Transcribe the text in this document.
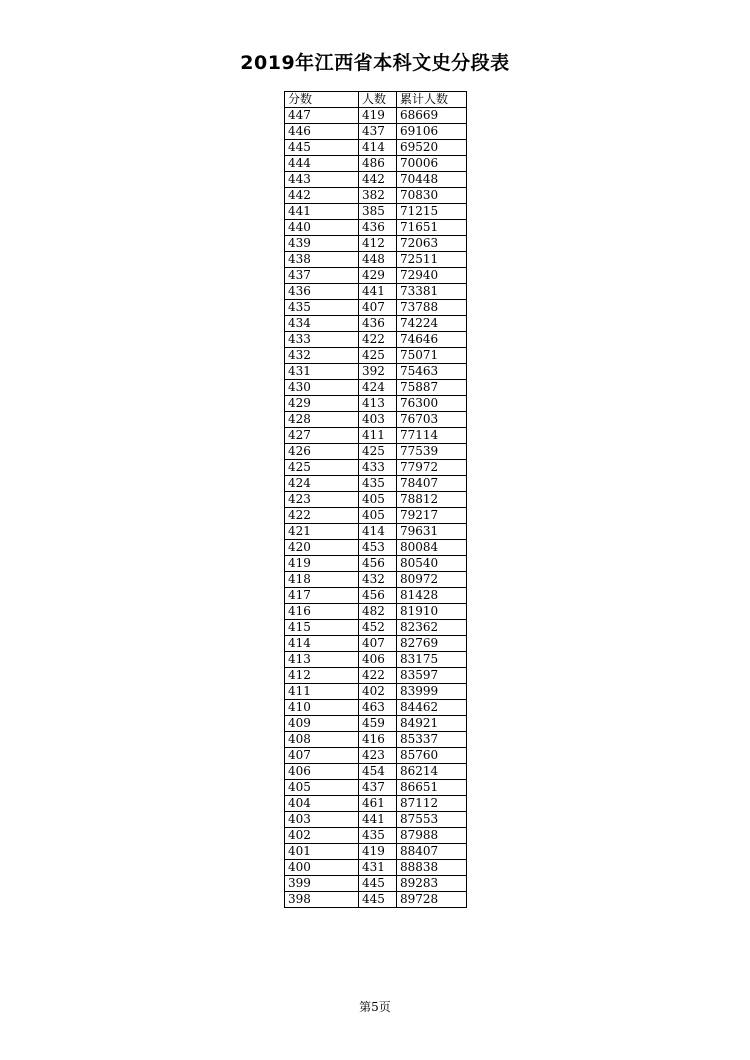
2019年江西省本科文史分段表
分数	人数	累计人数
447	419	68669
446	437	69106
445	414	69520
444	486	70006
443	442	70448
442	382	70830
441	385	71215
440	436	71651
439	412	72063
438	448	72511
437	429	72940
436	441	73381
435	407	73788
434	436	74224
433	422	74646
432	425	75071
431	392	75463
430	424	75887
429	413	76300
428	403	76703
427	411	77114
426	425	77539
425	433	77972
424	435	78407
423	405	78812
422	405	79217
421	414	79631
420	453	80084
419	456	80540
418	432	80972
417	456	81428
416	482	81910
415	452	82362
414	407	82769
413	406	83175
412	422	83597
411	402	83999
410	463	84462
409	459	84921
408	416	85337
407	423	85760
406	454	86214
405	437	86651
404	461	87112
403	441	87553
402	435	87988
401	419	88407
400	431	88838
399	445	89283
398	445	89728
第5页
